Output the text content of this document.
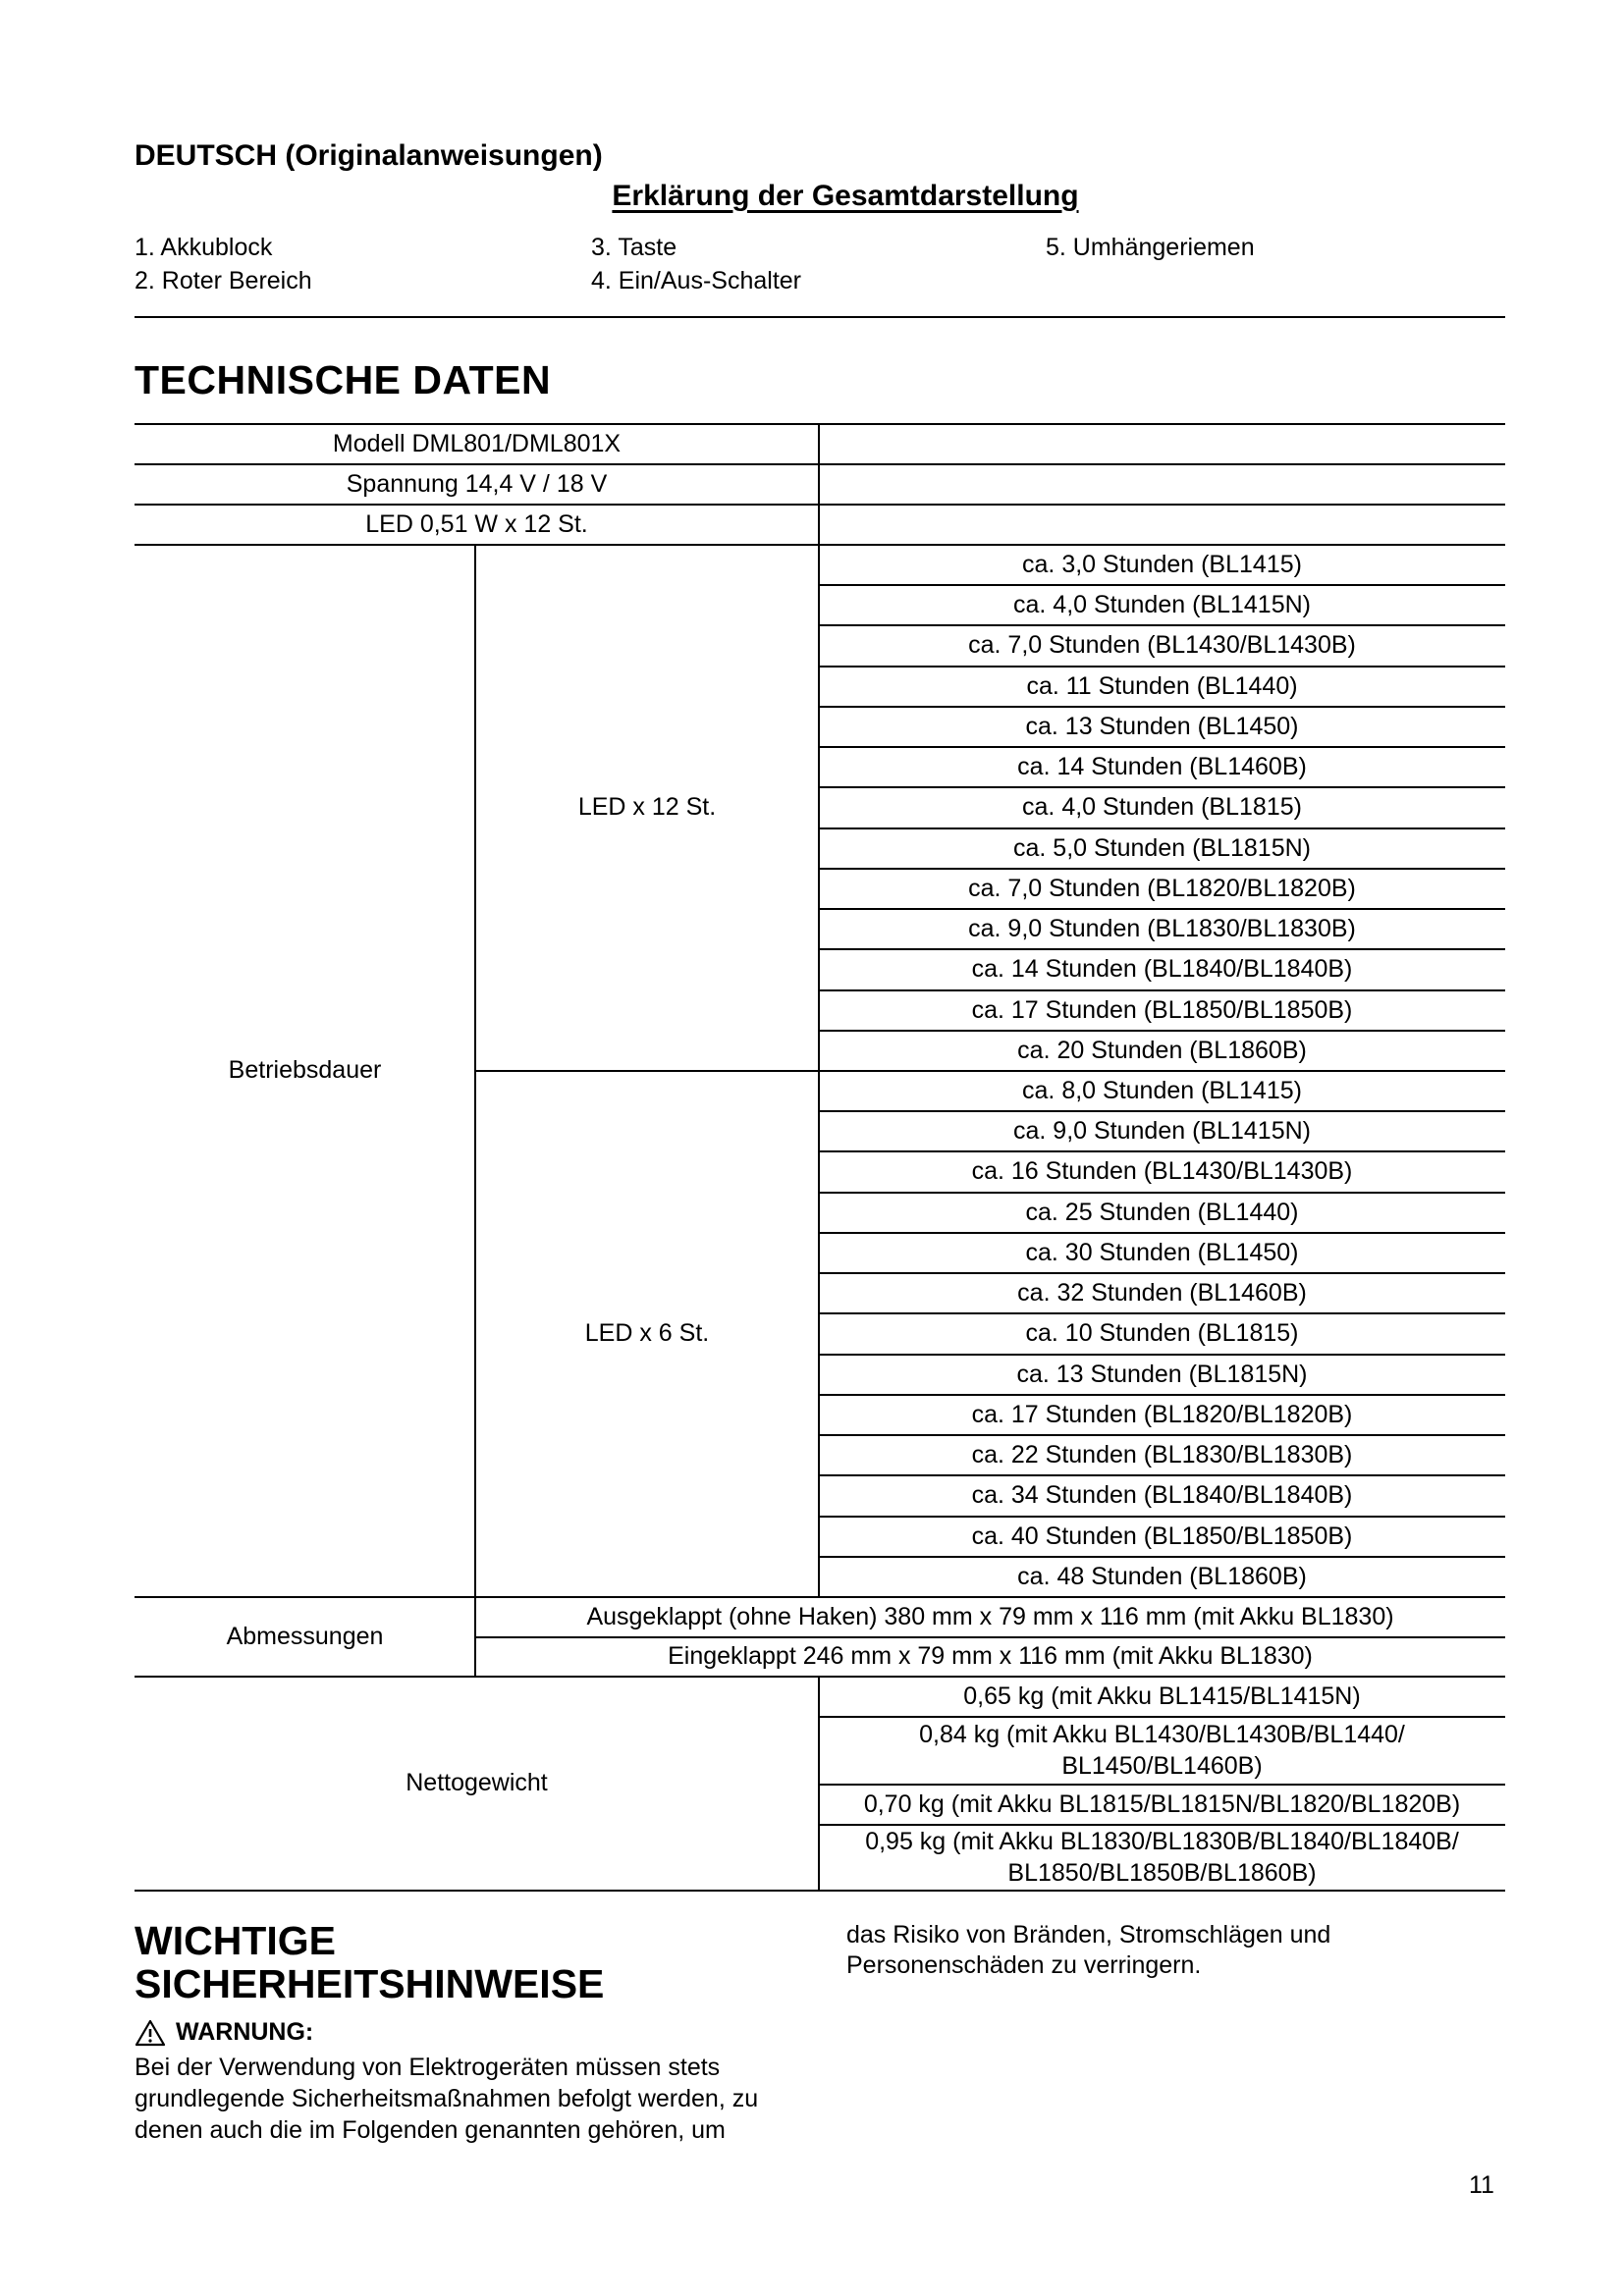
DEUTSCH (Originalanweisungen)
Erklärung der Gesamtdarstellung
1. Akkublock
2. Roter Bereich
3. Taste
4. Ein/Aus-Schalter
5. Umhängeriemen
TECHNISCHE DATEN
Modell DML801/DML801X
Spannung 14,4 V / 18 V
LED 0,51 W x 12 St.
Betriebsdauer
LED x 12 St.
ca. 3,0 Stunden (BL1415)
ca. 4,0 Stunden (BL1415N)
ca. 7,0 Stunden (BL1430/BL1430B)
ca. 11 Stunden (BL1440)
ca. 13 Stunden (BL1450)
ca. 14 Stunden (BL1460B)
ca. 4,0 Stunden (BL1815)
ca. 5,0 Stunden (BL1815N)
ca. 7,0 Stunden (BL1820/BL1820B)
ca. 9,0 Stunden (BL1830/BL1830B)
ca. 14 Stunden (BL1840/BL1840B)
ca. 17 Stunden (BL1850/BL1850B)
ca. 20 Stunden (BL1860B)
LED x 6 St.
ca. 8,0 Stunden (BL1415)
ca. 9,0 Stunden (BL1415N)
ca. 16 Stunden (BL1430/BL1430B)
ca. 25 Stunden (BL1440)
ca. 30 Stunden (BL1450)
ca. 32 Stunden (BL1460B)
ca. 10 Stunden (BL1815)
ca. 13 Stunden (BL1815N)
ca. 17 Stunden (BL1820/BL1820B)
ca. 22 Stunden (BL1830/BL1830B)
ca. 34 Stunden (BL1840/BL1840B)
ca. 40 Stunden (BL1850/BL1850B)
ca. 48 Stunden (BL1860B)
Abmessungen
Ausgeklappt (ohne Haken) 380 mm x 79 mm x 116 mm (mit Akku BL1830)
Eingeklappt 246 mm x 79 mm x 116 mm (mit Akku BL1830)
Nettogewicht
0,65 kg (mit Akku BL1415/BL1415N)
0,84 kg (mit Akku BL1430/BL1430B/BL1440/ BL1450/BL1460B)
0,70 kg (mit Akku BL1815/BL1815N/BL1820/BL1820B)
0,95 kg (mit Akku BL1830/BL1830B/BL1840/BL1840B/ BL1850/BL1850B/BL1860B)
WICHTIGE
SICHERHEITSHINWEISE
WARNUNG:
Bei der Verwendung von Elektrogeräten müssen stets grundlegende Sicherheitsmaßnahmen befolgt werden, zu denen auch die im Folgenden genannten gehören, um
das Risiko von Bränden, Stromschlägen und Personenschäden zu verringern.
11
